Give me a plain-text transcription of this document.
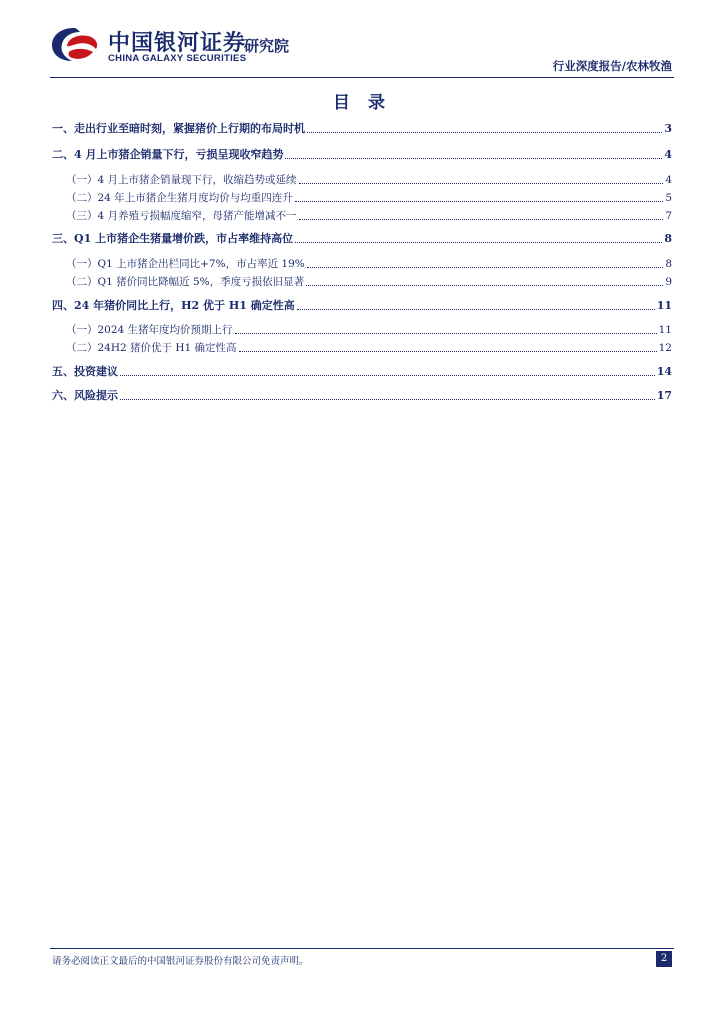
中国银河证券
CHINA GALAXY SECURITIES
研究院
行业深度报告/农林牧渔
目 录
一、走出行业至暗时刻，紧握猪价上行期的布局时机	3
二、4 月上市猪企销量下行，亏损呈现收窄趋势	4
（一）4 月上市猪企销量现下行，收缩趋势或延续	4
（二）24 年上市猪企生猪月度均价与均重四连升	5
（三）4 月养殖亏损幅度缩窄，母猪产能增减不一	7
三、Q1 上市猪企生猪量增价跌，市占率维持高位	8
（一）Q1 上市猪企出栏同比+7%，市占率近 19%	8
（二）Q1 猪价同比降幅近 5%，季度亏损依旧显著	9
四、24 年猪价同比上行，H2 优于 H1 确定性高	11
（一）2024 生猪年度均价预期上行	11
（二）24H2 猪价优于 H1 确定性高	12
五、投资建议	14
六、风险提示	17
请务必阅读正文最后的中国银河证券股份有限公司免责声明。	2
